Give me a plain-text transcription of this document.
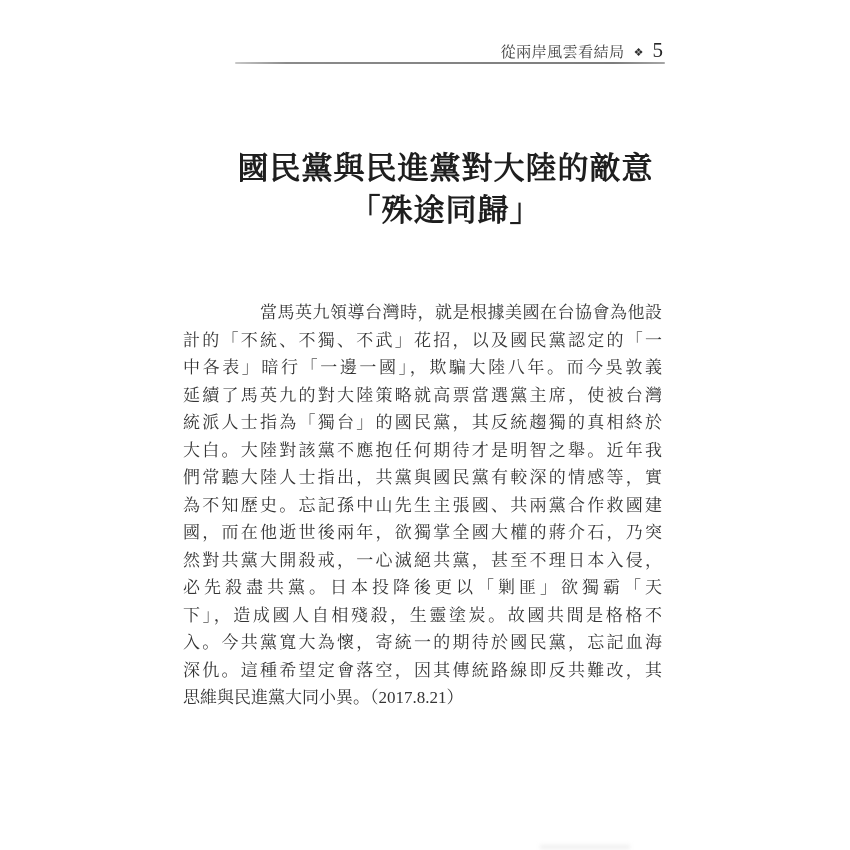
從兩岸風雲看結局 ❖ 5
國民黨與民進黨對大陸的敵意
「殊途同歸」
當馬英九領導台灣時，就是根據美國在台協會為他設
計的「不統、不獨、不武」花招，以及國民黨認定的「一
中各表」暗行「一邊一國」，欺騙大陸八年。而今吳敦義
延續了馬英九的對大陸策略就高票當選黨主席，使被台灣
統派人士指為「獨台」的國民黨，其反統趨獨的真相終於
大白。大陸對該黨不應抱任何期待才是明智之舉。近年我
們常聽大陸人士指出，共黨與國民黨有較深的情感等，實
為不知歷史。忘記孫中山先生主張國、共兩黨合作救國建
國，而在他逝世後兩年，欲獨掌全國大權的蔣介石，乃突
然對共黨大開殺戒，一心滅絕共黨，甚至不理日本入侵，
必先殺盡共黨。日本投降後更以「剿匪」欲獨霸「天
下」，造成國人自相殘殺，生靈塗炭。故國共間是格格不
入。今共黨寬大為懷，寄統一的期待於國民黨，忘記血海
深仇。這種希望定會落空，因其傳統路線即反共難改，其
思維與民進黨大同小異。（2017.8.21）
